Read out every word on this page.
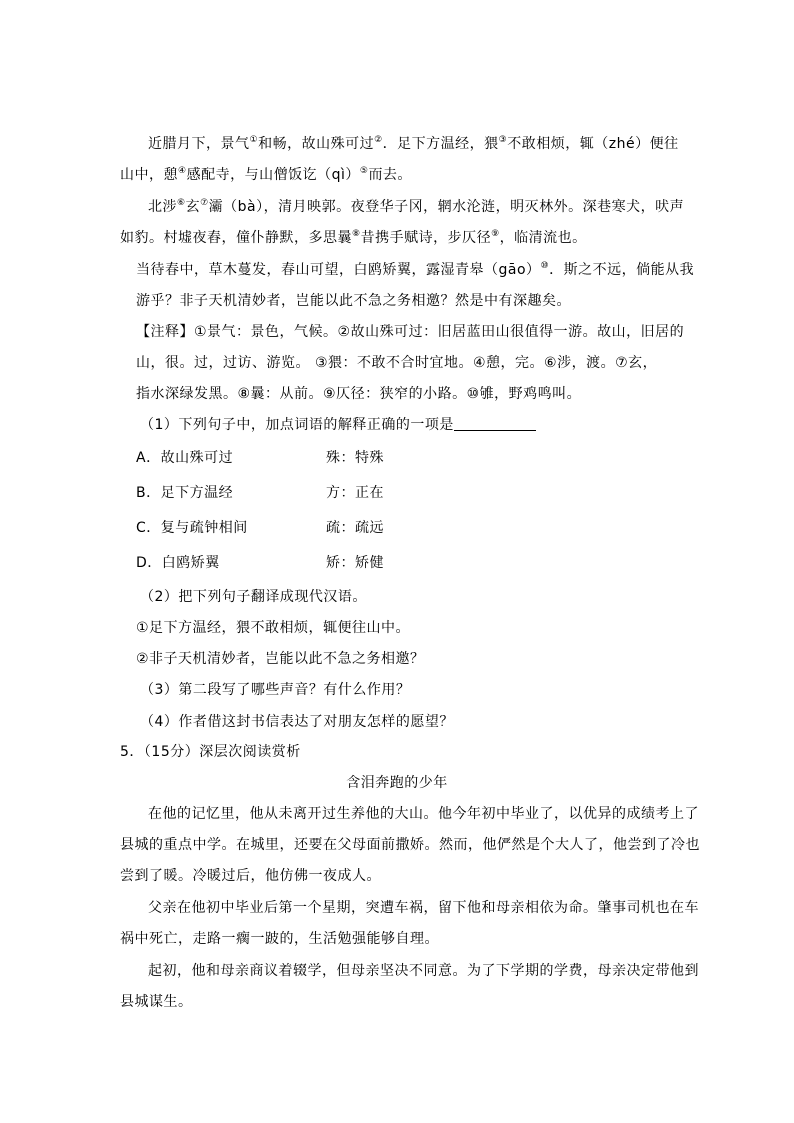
近腊月下，景气①和畅，故山殊可过②．足下方温经，猥③不敢相烦，辄（zhé）便往
山中，憩④感配寺，与山僧饭讫（qì）⑤而去。
北涉⑥玄⑦灞（bà），清月映郭。夜登华子冈，辋水沦涟，明灭林外。深巷寒犬，吠声
如豹。村墟夜舂，僮仆静默，多思曩⑧昔携手赋诗，步仄径⑨，临清流也。
当待春中，草木蔓发，春山可望，白鸥矫翼，露湿青皋（gāo）⑩．斯之不远，倘能从我
游乎？非子天机清妙者，岂能以此不急之务相邀？然是中有深趣矣。
【注释】①景气：景色，气候。②故山殊可过：旧居蓝田山很值得一游。故山，旧居的
山，很。过，过访、游览。 ③猥：不敢不合时宜地。④憩，完。⑥涉，渡。⑦玄，
指水深绿发黑。⑧曩：从前。⑨仄径：狭窄的小路。⑩雊，野鸡鸣叫。
（1）下列句子中，加点词语的解释正确的一项是
A．故山殊可过	殊：特殊
B．足下方温经	方：正在
C．复与疏钟相间	疏：疏远
D．白鸥矫翼	矫：矫健
（2）把下列句子翻译成现代汉语。
①足下方温经，猥不敢相烦，辄便往山中。
②非子天机清妙者，岂能以此不急之务相邀？
（3）第二段写了哪些声音？有什么作用？
（4）作者借这封书信表达了对朋友怎样的愿望？
5．（15分）深层次阅读赏析
含泪奔跑的少年
在他的记忆里，他从未离开过生养他的大山。他今年初中毕业了，以优异的成绩考上了
县城的重点中学。在城里，还要在父母面前撒娇。然而，他俨然是个大人了，他尝到了冷也
尝到了暖。冷暖过后，他仿佛一夜成人。
父亲在他初中毕业后第一个星期，突遭车祸，留下他和母亲相依为命。肇事司机也在车
祸中死亡，走路一瘸一跛的，生活勉强能够自理。
起初，他和母亲商议着辍学，但母亲坚决不同意。为了下学期的学费，母亲决定带他到
县城谋生。
